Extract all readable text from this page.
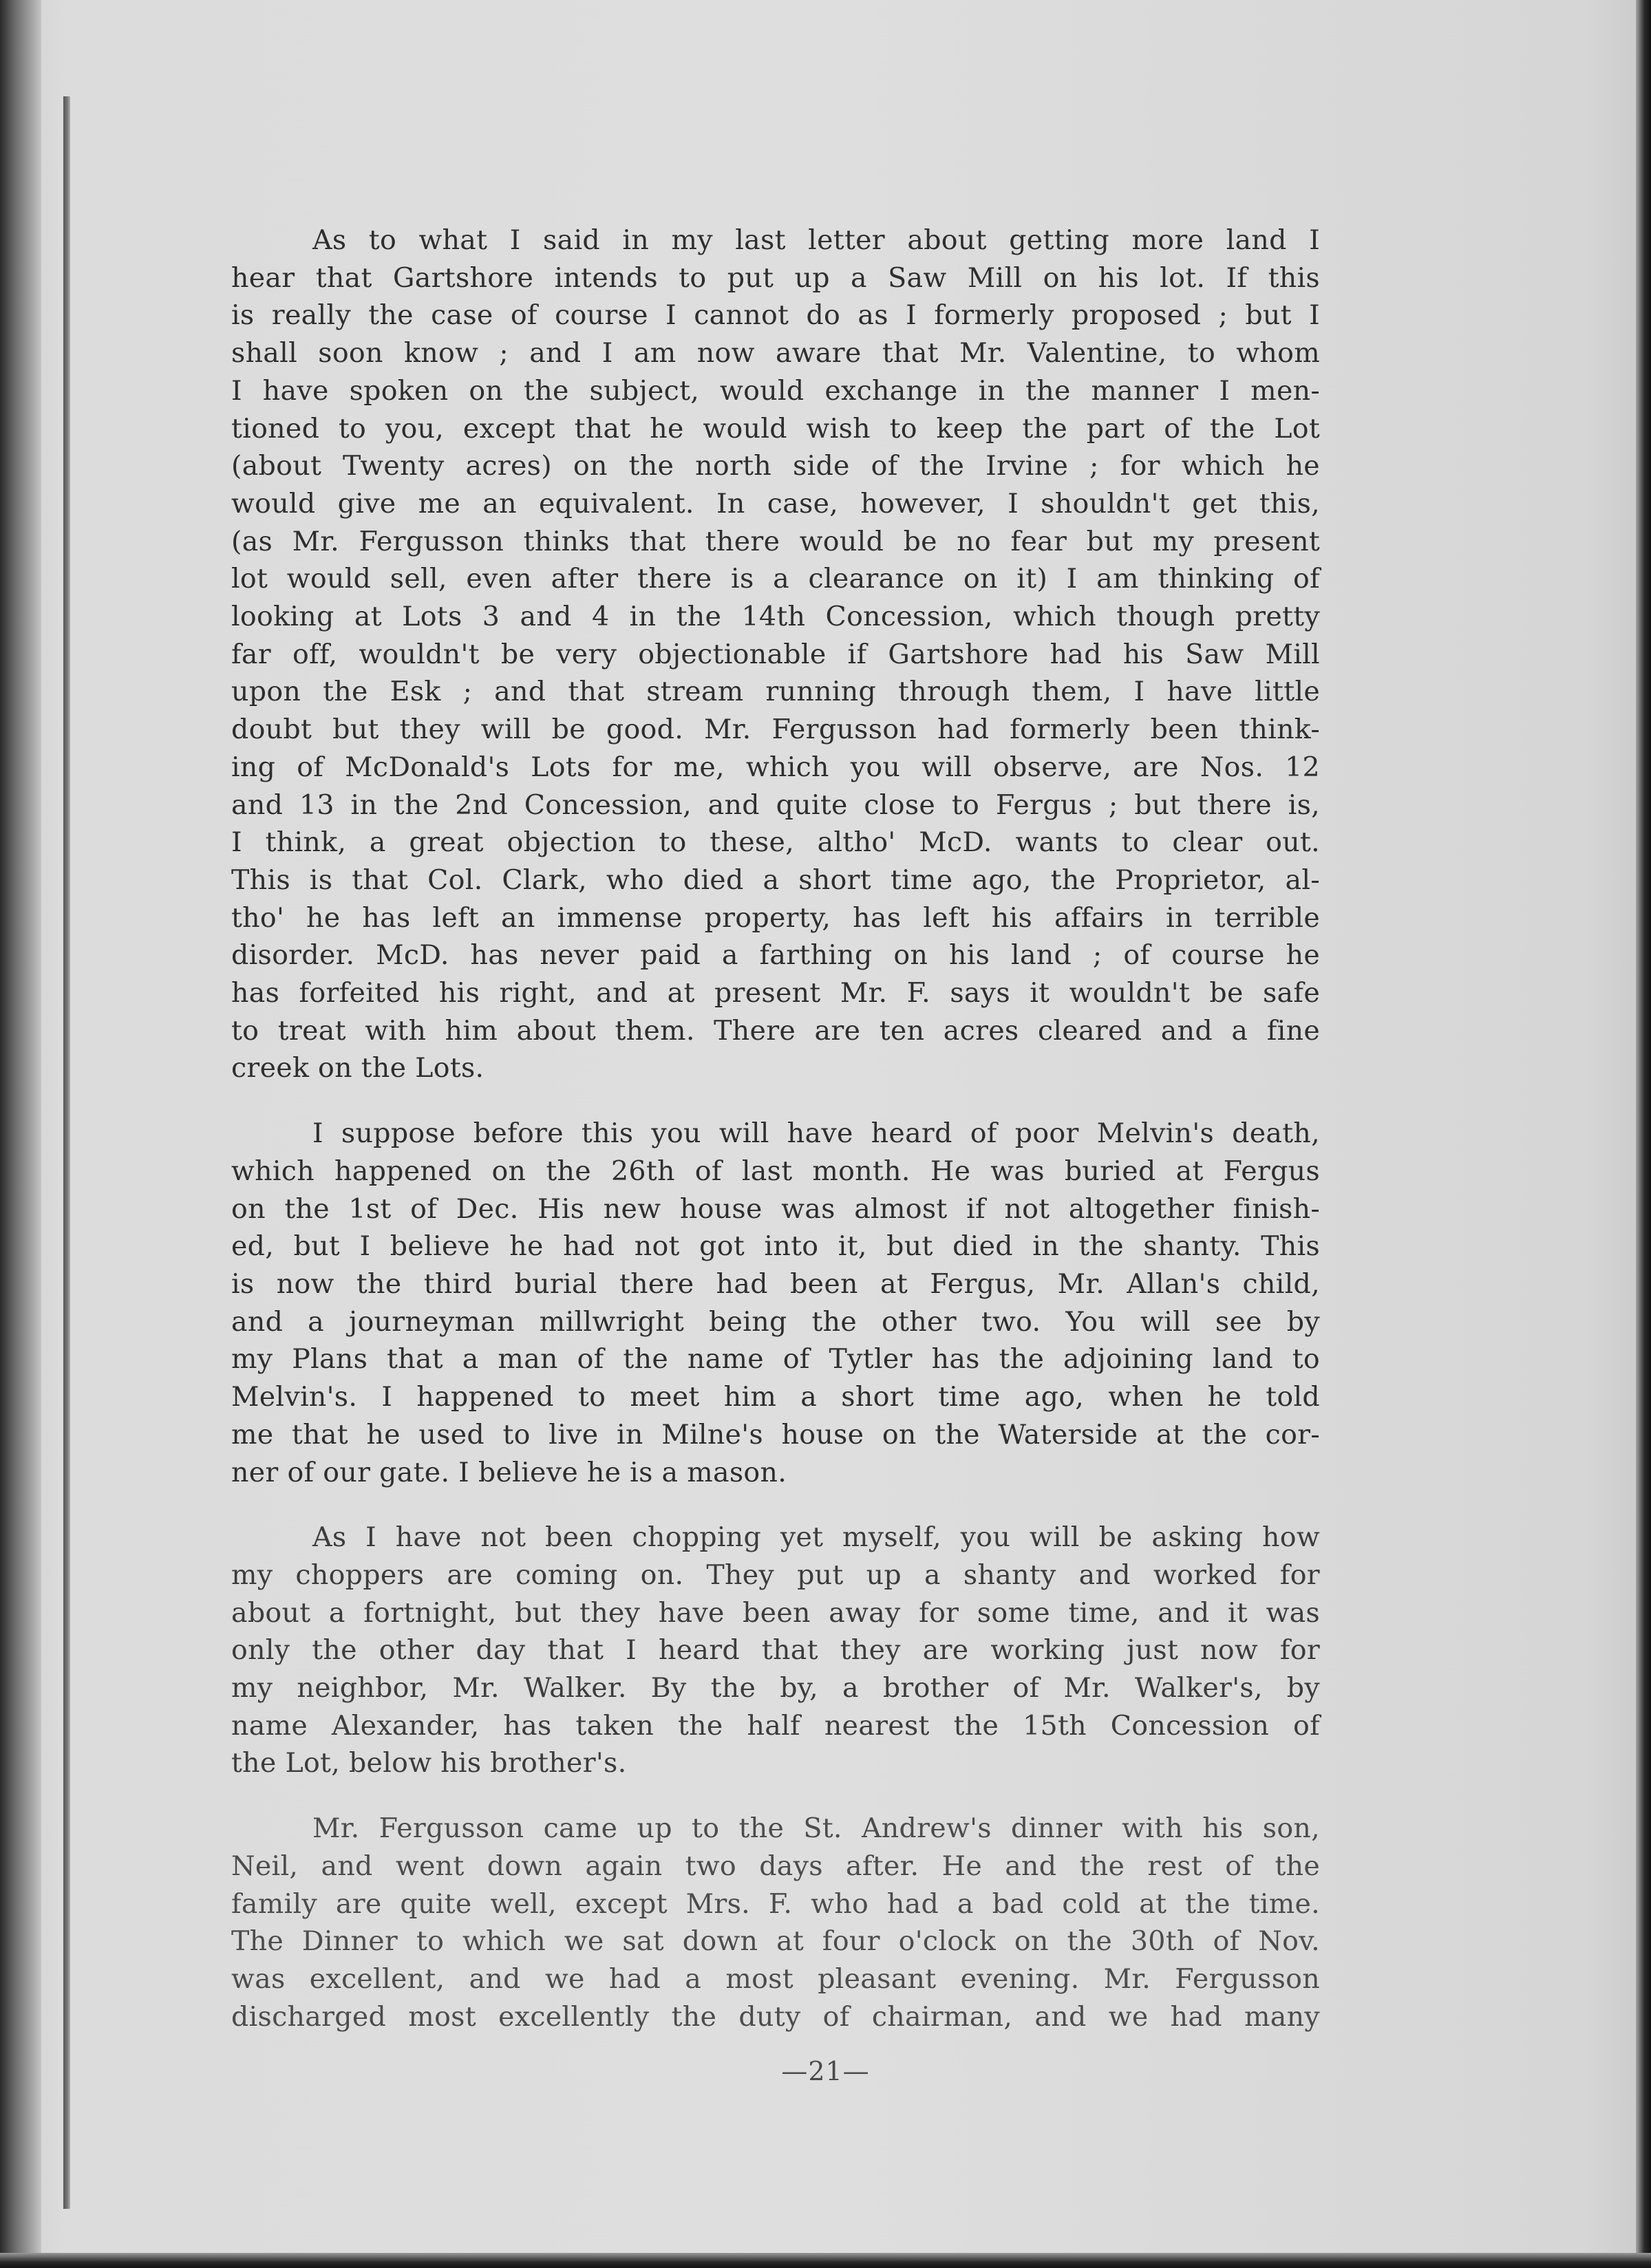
As to what I said in my last letter about getting more land I
hear that Gartshore intends to put up a Saw Mill on his lot. If this
is really the case of course I cannot do as I formerly proposed ; but I
shall soon know ; and I am now aware that Mr. Valentine, to whom
I have spoken on the subject, would exchange in the manner I men-
tioned to you, except that he would wish to keep the part of the Lot
(about Twenty acres) on the north side of the Irvine ; for which he
would give me an equivalent. In case, however, I shouldn't get this,
(as Mr. Fergusson thinks that there would be no fear but my present
lot would sell, even after there is a clearance on it) I am thinking of
looking at Lots 3 and 4 in the 14th Concession, which though pretty
far off, wouldn't be very objectionable if Gartshore had his Saw Mill
upon the Esk ; and that stream running through them, I have little
doubt but they will be good. Mr. Fergusson had formerly been think-
ing of McDonald's Lots for me, which you will observe, are Nos. 12
and 13 in the 2nd Concession, and quite close to Fergus ; but there is,
I think, a great objection to these, altho' McD. wants to clear out.
This is that Col. Clark, who died a short time ago, the Proprietor, al-
tho' he has left an immense property, has left his affairs in terrible
disorder. McD. has never paid a farthing on his land ; of course he
has forfeited his right, and at present Mr. F. says it wouldn't be safe
to treat with him about them. There are ten acres cleared and a fine
creek on the Lots.

I suppose before this you will have heard of poor Melvin's death,
which happened on the 26th of last month. He was buried at Fergus
on the 1st of Dec. His new house was almost if not altogether finish-
ed, but I believe he had not got into it, but died in the shanty. This
is now the third burial there had been at Fergus, Mr. Allan's child,
and a journeyman millwright being the other two. You will see by
my Plans that a man of the name of Tytler has the adjoining land to
Melvin's. I happened to meet him a short time ago, when he told
me that he used to live in Milne's house on the Waterside at the cor-
ner of our gate. I believe he is a mason.

As I have not been chopping yet myself, you will be asking how
my choppers are coming on. They put up a shanty and worked for
about a fortnight, but they have been away for some time, and it was
only the other day that I heard that they are working just now for
my neighbor, Mr. Walker. By the by, a brother of Mr. Walker's, by
name Alexander, has taken the half nearest the 15th Concession of
the Lot, below his brother's.

Mr. Fergusson came up to the St. Andrew's dinner with his son,
Neil, and went down again two days after. He and the rest of the
family are quite well, except Mrs. F. who had a bad cold at the time.
The Dinner to which we sat down at four o'clock on the 30th of Nov.
was excellent, and we had a most pleasant evening. Mr. Fergusson
discharged most excellently the duty of chairman, and we had many

—21—
